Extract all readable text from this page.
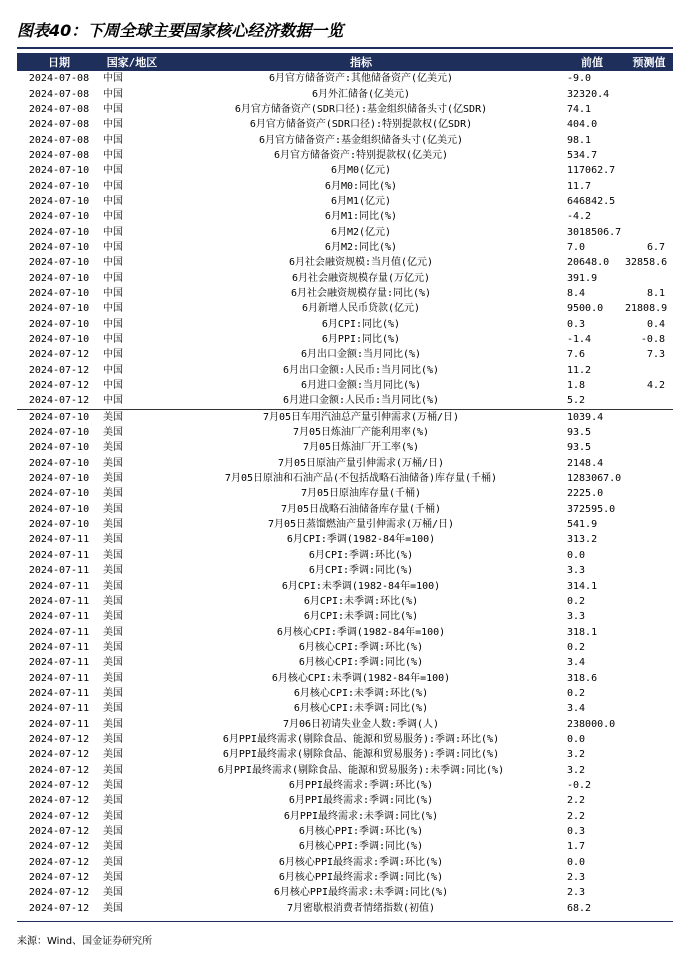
图表40：下周全球主要国家核心经济数据一览
日期	国家/地区	指标	前值	预测值
2024-07-08	中国	6月官方储备资产:其他储备资产(亿美元)	-9.0	
2024-07-08	中国	6月外汇储备(亿美元)	32320.4	
2024-07-08	中国	6月官方储备资产(SDR口径):基金组织储备头寸(亿SDR)	74.1	
2024-07-08	中国	6月官方储备资产(SDR口径):特别提款权(亿SDR)	404.0	
2024-07-08	中国	6月官方储备资产:基金组织储备头寸(亿美元)	98.1	
2024-07-08	中国	6月官方储备资产:特别提款权(亿美元)	534.7	
2024-07-10	中国	6月M0(亿元)	117062.7	
2024-07-10	中国	6月M0:同比(%)	11.7	
2024-07-10	中国	6月M1(亿元)	646842.5	
2024-07-10	中国	6月M1:同比(%)	-4.2	
2024-07-10	中国	6月M2(亿元)	3018506.7	
2024-07-10	中国	6月M2:同比(%)	7.0	6.7
2024-07-10	中国	6月社会融资规模:当月值(亿元)	20648.0	32858.6
2024-07-10	中国	6月社会融资规模存量(万亿元)	391.9	
2024-07-10	中国	6月社会融资规模存量:同比(%)	8.4	8.1
2024-07-10	中国	6月新增人民币贷款(亿元)	9500.0	21808.9
2024-07-10	中国	6月CPI:同比(%)	0.3	0.4
2024-07-10	中国	6月PPI:同比(%)	-1.4	-0.8
2024-07-12	中国	6月出口金额:当月同比(%)	7.6	7.3
2024-07-12	中国	6月出口金额:人民币:当月同比(%)	11.2	
2024-07-12	中国	6月进口金额:当月同比(%)	1.8	4.2
2024-07-12	中国	6月进口金额:人民币:当月同比(%)	5.2	
2024-07-10	美国	7月05日车用汽油总产量引伸需求(万桶/日)	1039.4	
2024-07-10	美国	7月05日炼油厂产能利用率(%)	93.5	
2024-07-10	美国	7月05日炼油厂开工率(%)	93.5	
2024-07-10	美国	7月05日原油产量引伸需求(万桶/日)	2148.4	
2024-07-10	美国	7月05日原油和石油产品(不包括战略石油储备)库存量(千桶)	1283067.0	
2024-07-10	美国	7月05日原油库存量(千桶)	2225.0	
2024-07-10	美国	7月05日战略石油储备库存量(千桶)	372595.0	
2024-07-10	美国	7月05日蒸馏燃油产量引伸需求(万桶/日)	541.9	
2024-07-11	美国	6月CPI:季调(1982-84年=100)	313.2	
2024-07-11	美国	6月CPI:季调:环比(%)	0.0	
2024-07-11	美国	6月CPI:季调:同比(%)	3.3	
2024-07-11	美国	6月CPI:未季调(1982-84年=100)	314.1	
2024-07-11	美国	6月CPI:未季调:环比(%)	0.2	
2024-07-11	美国	6月CPI:未季调:同比(%)	3.3	
2024-07-11	美国	6月核心CPI:季调(1982-84年=100)	318.1	
2024-07-11	美国	6月核心CPI:季调:环比(%)	0.2	
2024-07-11	美国	6月核心CPI:季调:同比(%)	3.4	
2024-07-11	美国	6月核心CPI:未季调(1982-84年=100)	318.6	
2024-07-11	美国	6月核心CPI:未季调:环比(%)	0.2	
2024-07-11	美国	6月核心CPI:未季调:同比(%)	3.4	
2024-07-11	美国	7月06日初请失业金人数:季调(人)	238000.0	
2024-07-12	美国	6月PPI最终需求(剔除食品、能源和贸易服务):季调:环比(%)	0.0	
2024-07-12	美国	6月PPI最终需求(剔除食品、能源和贸易服务):季调:同比(%)	3.2	
2024-07-12	美国	6月PPI最终需求(剔除食品、能源和贸易服务):未季调:同比(%)	3.2	
2024-07-12	美国	6月PPI最终需求:季调:环比(%)	-0.2	
2024-07-12	美国	6月PPI最终需求:季调:同比(%)	2.2	
2024-07-12	美国	6月PPI最终需求:未季调:同比(%)	2.2	
2024-07-12	美国	6月核心PPI:季调:环比(%)	0.3	
2024-07-12	美国	6月核心PPI:季调:同比(%)	1.7	
2024-07-12	美国	6月核心PPI最终需求:季调:环比(%)	0.0	
2024-07-12	美国	6月核心PPI最终需求:季调:同比(%)	2.3	
2024-07-12	美国	6月核心PPI最终需求:未季调:同比(%)	2.3	
2024-07-12	美国	7月密歇根消费者情绪指数(初值)	68.2	
来源：Wind、国金证券研究所
